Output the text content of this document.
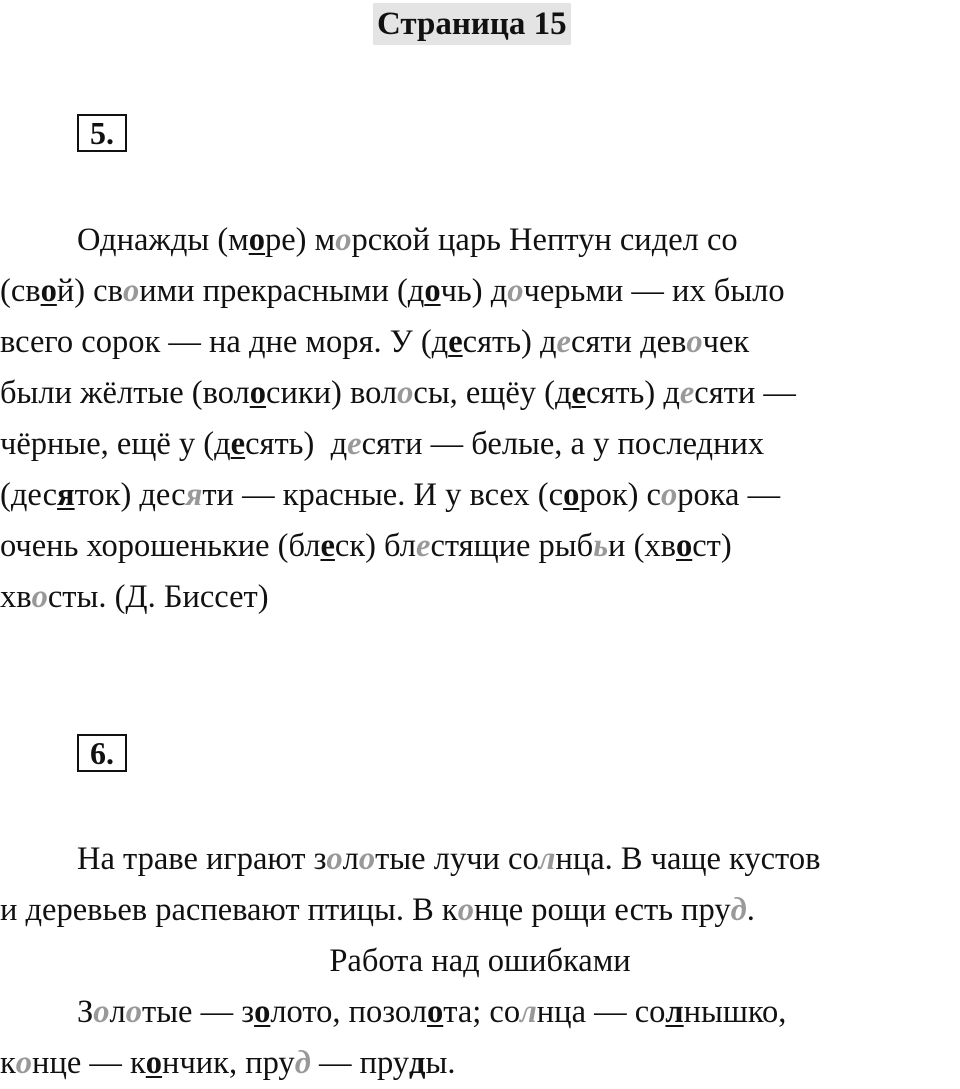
Страница 15
5.
Однажды (море) морской царь Нептун сидел со
(свой) своими прекрасными (дочь) дочерьми — их было
всего сорок — на дне моря. У (десять) десяти девочек
были жёлтые (волосики) волосы, ещёу (десять) десяти —
чёрные, ещё у (десять)  десяти — белые, а у последних
(десяток) десяти — красные. И у всех (сорок) сорока —
очень хорошенькие (блеск) блестящие рыбьи (хвост)
хвосты. (Д. Биссет)
6.
На траве играют золотые лучи солнца. В чаще кустов
и деревьев распевают птицы. В конце рощи есть пруд.
Работа над ошибками
Золотые — золото, позолота; солнца — солнышко,
конце — кончик, пруд — пруды.
